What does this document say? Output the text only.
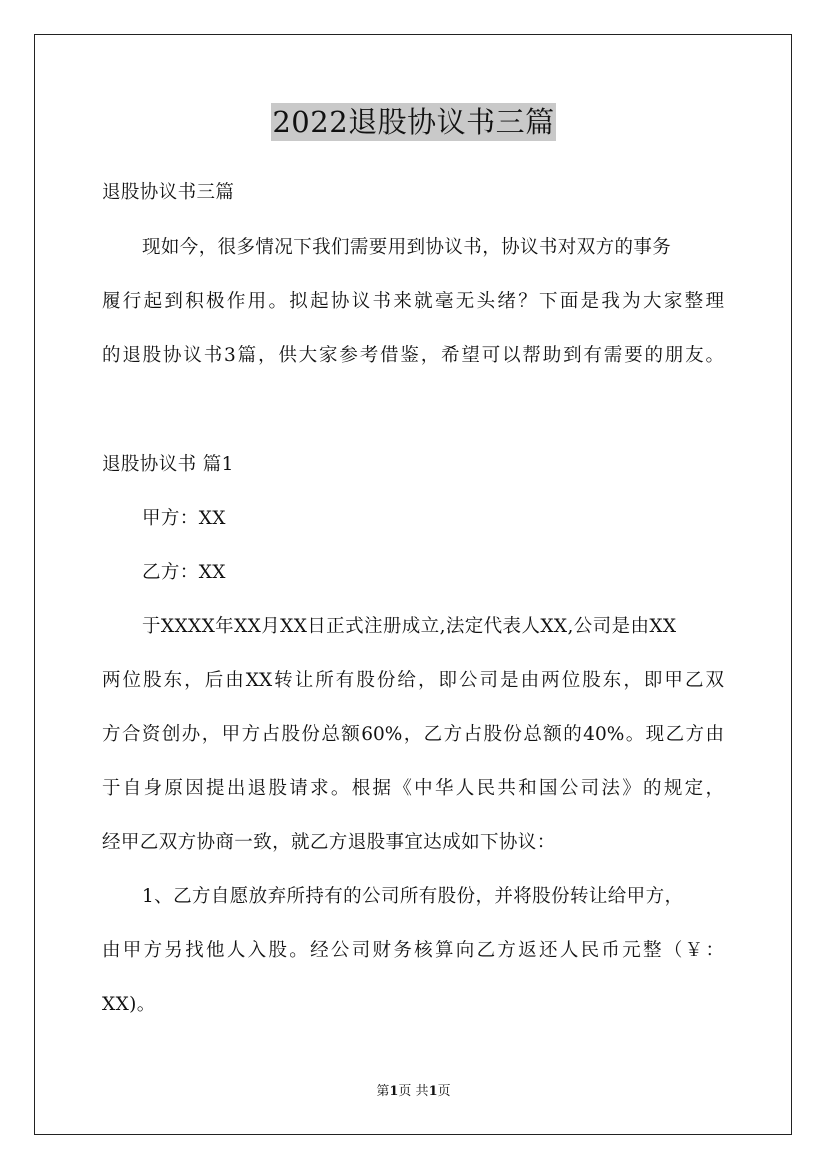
2022退股协议书三篇
退股协议书三篇
现如今，很多情况下我们需要用到协议书，协议书对双方的事务
履行起到积极作用。拟起协议书来就毫无头绪？下面是我为大家整理
的退股协议书3篇，供大家参考借鉴，希望可以帮助到有需要的朋友。
退股协议书 篇1
甲方：XX
乙方：XX
于XXXX年XX月XX日正式注册成立,法定代表人XX,公司是由XX
两位股东，后由XX转让所有股份给，即公司是由两位股东，即甲乙双
方合资创办，甲方占股份总额60%，乙方占股份总额的40%。现乙方由
于自身原因提出退股请求。根据《中华人民共和国公司法》的规定，
经甲乙双方协商一致，就乙方退股事宜达成如下协议：
1、乙方自愿放弃所持有的公司所有股份，并将股份转让给甲方，
由甲方另找他人入股。经公司财务核算向乙方返还人民币元整（￥：
XX)。
第1页 共1页
